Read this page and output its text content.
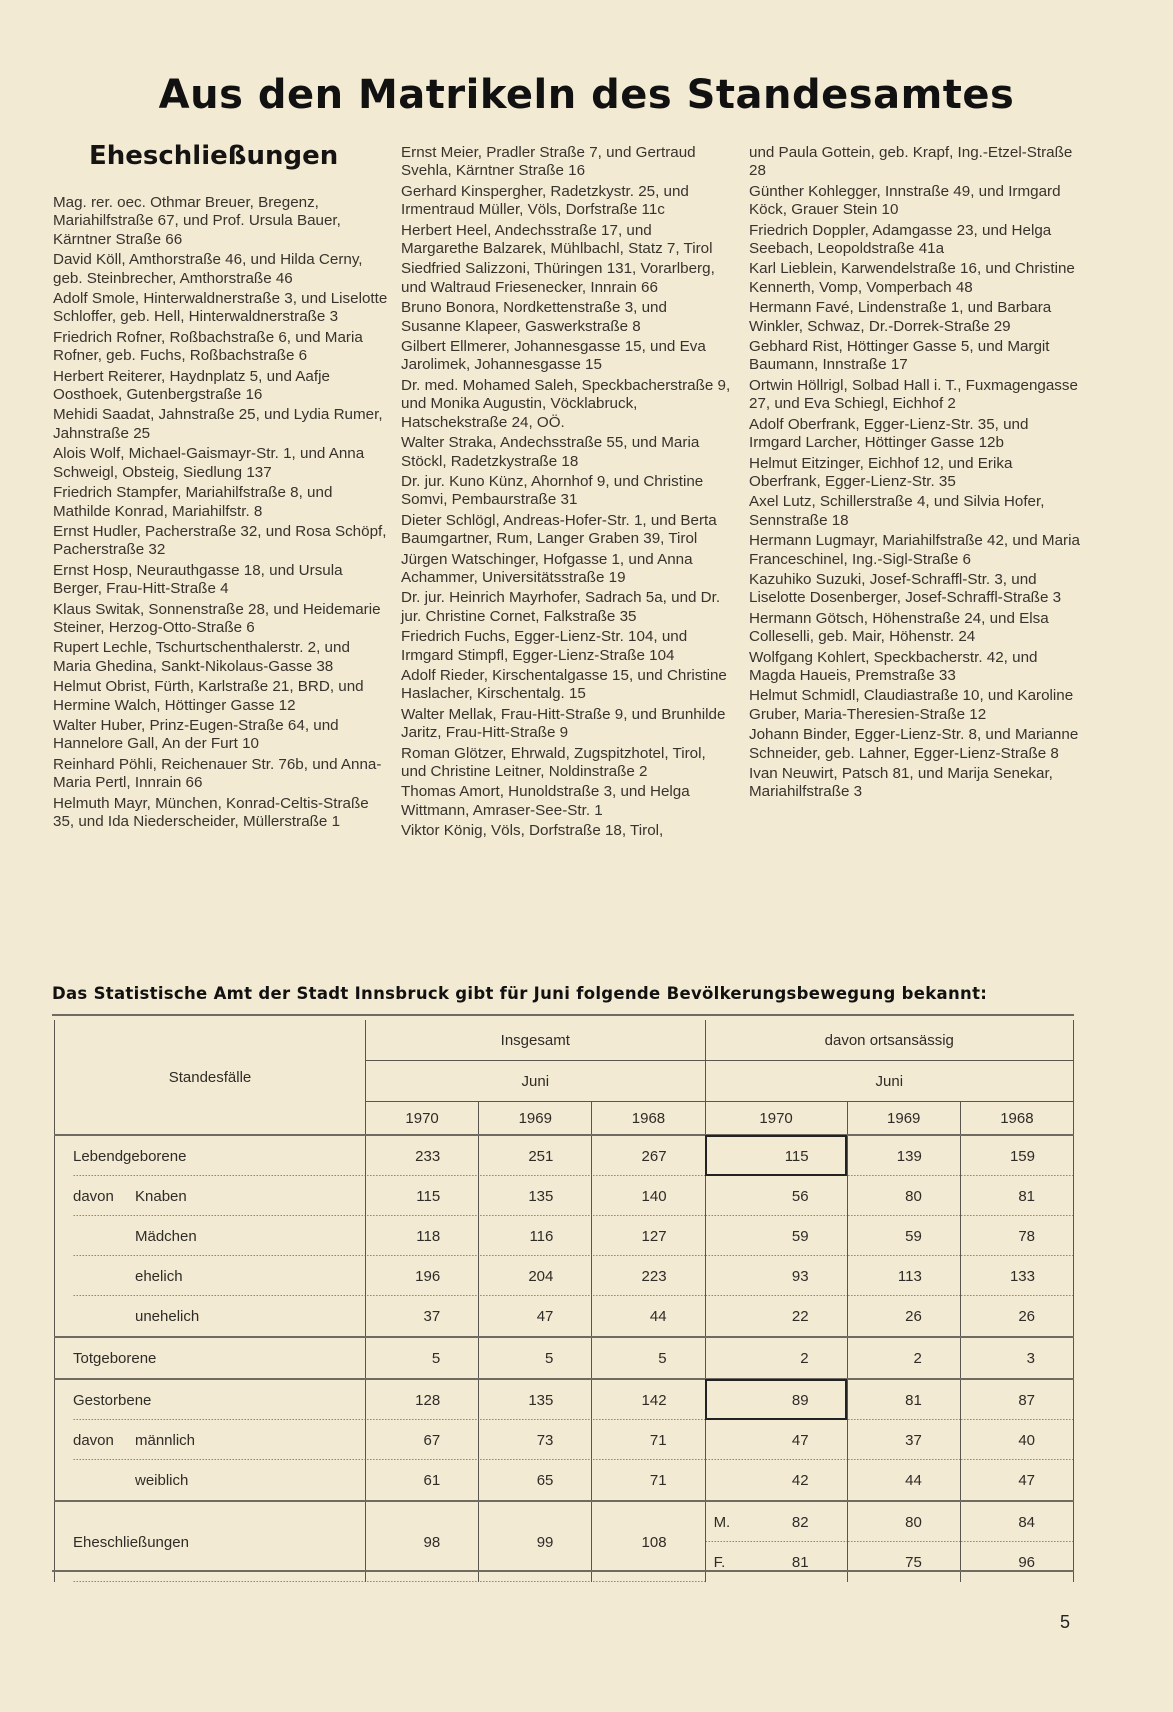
Aus den Matrikeln des Standesamtes
Eheschließungen
Mag. rer. oec. Othmar Breuer, Bregenz, Mariahilfstraße 67, und Prof. Ursula Bauer, Kärntner Straße 66
David Köll, Amthorstraße 46, und Hilda Cerny, geb. Steinbrecher, Amthorstraße 46
Adolf Smole, Hinterwaldnerstraße 3, und Liselotte Schloffer, geb. Hell, Hinterwaldnerstraße 3
Friedrich Rofner, Roßbachstraße 6, und Maria Rofner, geb. Fuchs, Roßbachstraße 6
Herbert Reiterer, Haydnplatz 5, und Aafje Oosthoek, Gutenbergstraße 16
Mehidi Saadat, Jahnstraße 25, und Lydia Rumer, Jahnstraße 25
Alois Wolf, Michael-Gaismayr-Str. 1, und Anna Schweigl, Obsteig, Siedlung 137
Friedrich Stampfer, Mariahilfstraße 8, und Mathilde Konrad, Mariahilfstr. 8
Ernst Hudler, Pacherstraße 32, und Rosa Schöpf, Pacherstraße 32
Ernst Hosp, Neurauthgasse 18, und Ursula Berger, Frau-Hitt-Straße 4
Klaus Switak, Sonnenstraße 28, und Heidemarie Steiner, Herzog-Otto-Straße 6
Rupert Lechle, Tschurtschenthalerstr. 2, und Maria Ghedina, Sankt-Nikolaus-Gasse 38
Helmut Obrist, Fürth, Karlstraße 21, BRD, und Hermine Walch, Höttinger Gasse 12
Walter Huber, Prinz-Eugen-Straße 64, und Hannelore Gall, An der Furt 10
Reinhard Pöhli, Reichenauer Str. 76b, und Anna-Maria Pertl, Innrain 66
Helmuth Mayr, München, Konrad-Celtis-Straße 35, und Ida Niederscheider, Müllerstraße 1
Ernst Meier, Pradler Straße 7, und Gertraud Svehla, Kärntner Straße 16
Gerhard Kinspergher, Radetzkystr. 25, und Irmentraud Müller, Völs, Dorfstraße 11c
Herbert Heel, Andechsstraße 17, und Margarethe Balzarek, Mühlbachl, Statz 7, Tirol
Siedfried Salizzoni, Thüringen 131, Vorarlberg, und Waltraud Friesenecker, Innrain 66
Bruno Bonora, Nordkettenstraße 3, und Susanne Klapeer, Gaswerkstraße 8
Gilbert Ellmerer, Johannesgasse 15, und Eva Jarolimek, Johannesgasse 15
Dr. med. Mohamed Saleh, Speckbacherstraße 9, und Monika Augustin, Vöcklabruck, Hatschekstraße 24, OÖ.
Walter Straka, Andechsstraße 55, und Maria Stöckl, Radetzkystraße 18
Dr. jur. Kuno Künz, Ahornhof 9, und Christine Somvi, Pembaurstraße 31
Dieter Schlögl, Andreas-Hofer-Str. 1, und Berta Baumgartner, Rum, Langer Graben 39, Tirol
Jürgen Watschinger, Hofgasse 1, und Anna Achammer, Universitätsstraße 19
Dr. jur. Heinrich Mayrhofer, Sadrach 5a, und Dr. jur. Christine Cornet, Falkstraße 35
Friedrich Fuchs, Egger-Lienz-Str. 104, und Irmgard Stimpfl, Egger-Lienz-Straße 104
Adolf Rieder, Kirschentalgasse 15, und Christine Haslacher, Kirschentalg. 15
Walter Mellak, Frau-Hitt-Straße 9, und Brunhilde Jaritz, Frau-Hitt-Straße 9
Roman Glötzer, Ehrwald, Zugspitzhotel, Tirol, und Christine Leitner, Noldinstraße 2
Thomas Amort, Hunoldstraße 3, und Helga Wittmann, Amraser-See-Str. 1
Viktor König, Völs, Dorfstraße 18, Tirol,
und Paula Gottein, geb. Krapf, Ing.-Etzel-Straße 28
Günther Kohlegger, Innstraße 49, und Irmgard Köck, Grauer Stein 10
Friedrich Doppler, Adamgasse 23, und Helga Seebach, Leopoldstraße 41a
Karl Lieblein, Karwendelstraße 16, und Christine Kennerth, Vomp, Vomperbach 48
Hermann Favé, Lindenstraße 1, und Barbara Winkler, Schwaz, Dr.-Dorrek-Straße 29
Gebhard Rist, Höttinger Gasse 5, und Margit Baumann, Innstraße 17
Ortwin Höllrigl, Solbad Hall i. T., Fuxmagengasse 27, und Eva Schiegl, Eichhof 2
Adolf Oberfrank, Egger-Lienz-Str. 35, und Irmgard Larcher, Höttinger Gasse 12b
Helmut Eitzinger, Eichhof 12, und Erika Oberfrank, Egger-Lienz-Str. 35
Axel Lutz, Schillerstraße 4, und Silvia Hofer, Sennstraße 18
Hermann Lugmayr, Mariahilfstraße 42, und Maria Franceschinel, Ing.-Sigl-Straße 6
Kazuhiko Suzuki, Josef-Schraffl-Str. 3, und Liselotte Dosenberger, Josef-Schraffl-Straße 3
Hermann Götsch, Höhenstraße 24, und Elsa Colleselli, geb. Mair, Höhenstr. 24
Wolfgang Kohlert, Speckbacherstr. 42, und Magda Haueis, Premstraße 33
Helmut Schmidl, Claudiastraße 10, und Karoline Gruber, Maria-Theresien-Straße 12
Johann Binder, Egger-Lienz-Str. 8, und Marianne Schneider, geb. Lahner, Egger-Lienz-Straße 8
Ivan Neuwirt, Patsch 81, und Marija Senekar, Mariahilfstraße 3
Das Statistische Amt der Stadt Innsbruck gibt für Juni folgende Bevölkerungsbewegung bekannt:
Standesfälle	Insgesamt			davon ortsansässig		
	Juni			Juni		
	1970	1969	1968	1970	1969	1968
Lebendgeborene	233	251	267	115	139	159
davon Knaben	115	135	140	56	80	81
Mädchen	118	116	127	59	59	78
ehelich	196	204	223	93	113	133
unehelich	37	47	44	22	26	26
Totgeborene	5	5	5	2	2	3
Gestorbene	128	135	142	89	81	87
davon männlich	67	73	71	47	37	40
weiblich	61	65	71	42	44	47
Eheschließungen	98	99	108	M. 82	80	84

				F. 81	75	96
5
